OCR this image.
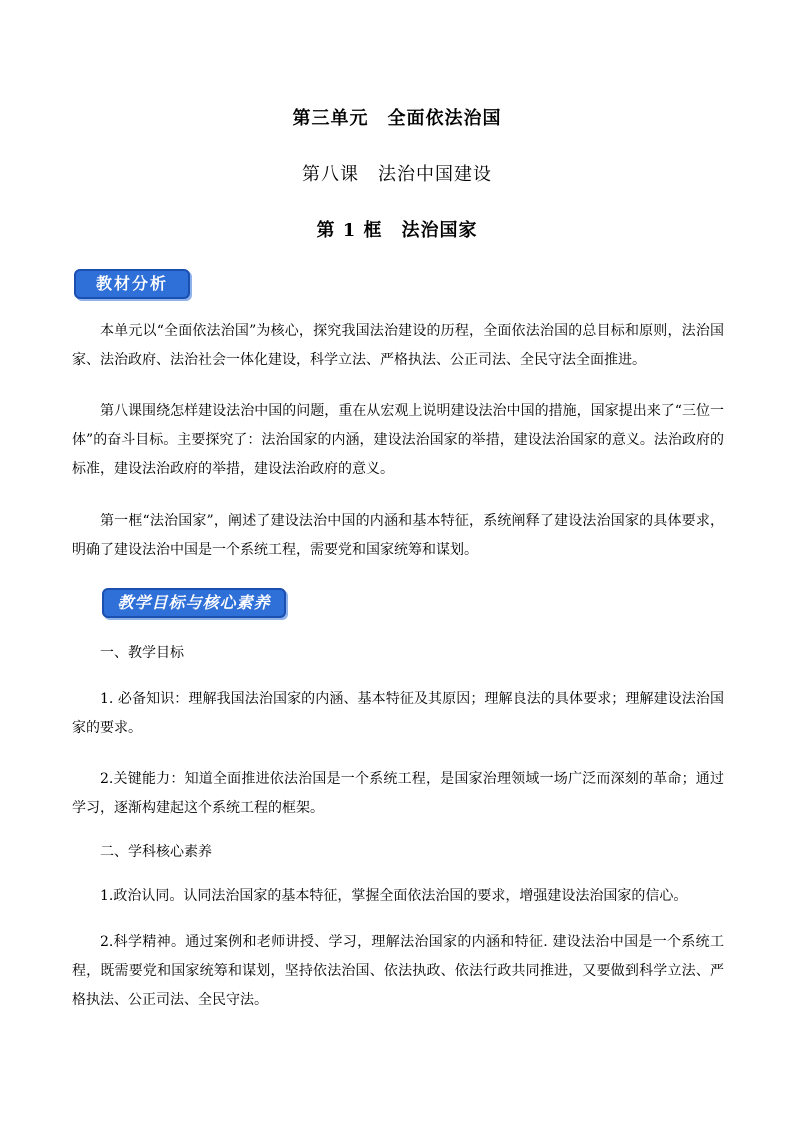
第三单元　全面依法治国
第八课　法治中国建设
第 1 框　法治国家
教材分析

本单元以“全面依法治国”为核心，探究我国法治建设的历程，全面依法治国的总目标和原则，法治国家、法治政府、法治社会一体化建设，科学立法、严格执法、公正司法、全民守法全面推进。

第八课围绕怎样建设法治中国的问题，重在从宏观上说明建设法治中国的措施，国家提出来了“三位一体”的奋斗目标。主要探究了：法治国家的内涵，建设法治国家的举措，建设法治国家的意义。法治政府的标准，建设法治政府的举措，建设法治政府的意义。

第一框“法治国家”，阐述了建设法治中国的内涵和基本特征，系统阐释了建设法治国家的具体要求，明确了建设法治中国是一个系统工程，需要党和国家统筹和谋划。

教学目标与核心素养

一、教学目标

1. 必备知识：理解我国法治国家的内涵、基本特征及其原因；理解良法的具体要求；理解建设法治国家的要求。

2.关键能力：知道全面推进依法治国是一个系统工程，是国家治理领域一场广泛而深刻的革命；通过学习，逐渐构建起这个系统工程的框架。

二、学科核心素养

1.政治认同。认同法治国家的基本特征，掌握全面依法治国的要求，增强建设法治国家的信心。

2.科学精神。通过案例和老师讲授、学习，理解法治国家的内涵和特征. 建设法治中国是一个系统工程，既需要党和国家统筹和谋划，坚持依法治国、依法执政、依法行政共同推进，又要做到科学立法、严格执法、公正司法、全民守法。
